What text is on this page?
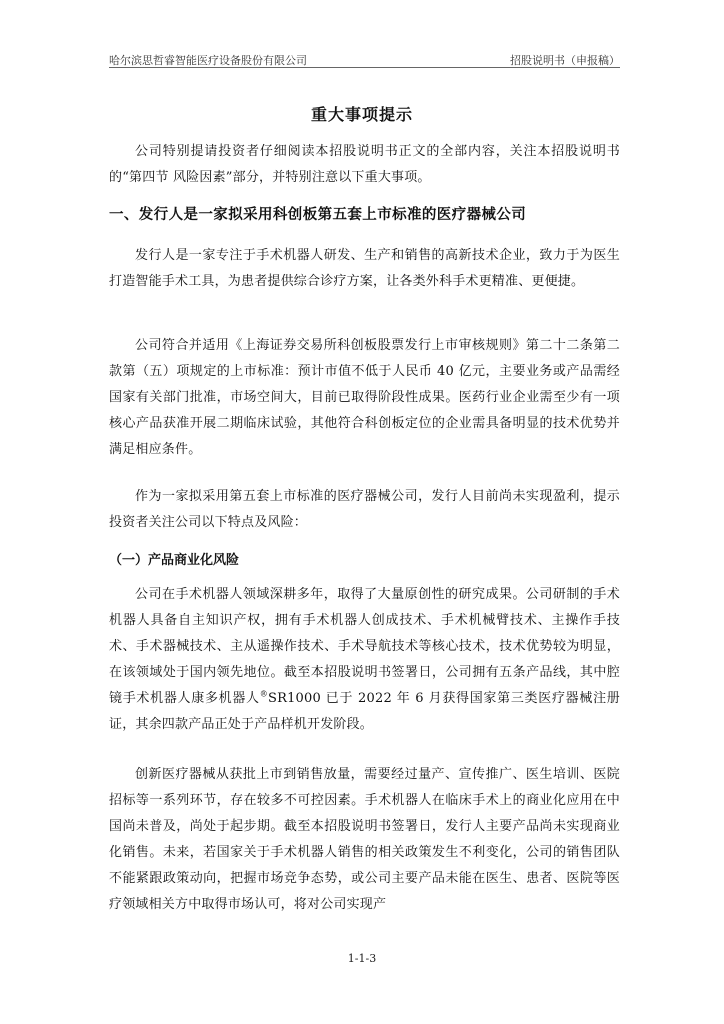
哈尔滨思哲睿智能医疗设备股份有限公司	招股说明书（申报稿）
重大事项提示
公司特别提请投资者仔细阅读本招股说明书正文的全部内容，关注本招股说明书的“第四节 风险因素”部分，并特别注意以下重大事项。
一、发行人是一家拟采用科创板第五套上市标准的医疗器械公司
发行人是一家专注于手术机器人研发、生产和销售的高新技术企业，致力于为医生打造智能手术工具，为患者提供综合诊疗方案，让各类外科手术更精准、更便捷。
公司符合并适用《上海证券交易所科创板股票发行上市审核规则》第二十二条第二款第（五）项规定的上市标准：预计市值不低于人民币 40 亿元，主要业务或产品需经国家有关部门批准，市场空间大，目前已取得阶段性成果。医药行业企业需至少有一项核心产品获准开展二期临床试验，其他符合科创板定位的企业需具备明显的技术优势并满足相应条件。
作为一家拟采用第五套上市标准的医疗器械公司，发行人目前尚未实现盈利，提示投资者关注公司以下特点及风险：
（一）产品商业化风险
公司在手术机器人领域深耕多年，取得了大量原创性的研究成果。公司研制的手术机器人具备自主知识产权，拥有手术机器人创成技术、手术机械臂技术、主操作手技术、手术器械技术、主从遥操作技术、手术导航技术等核心技术，技术优势较为明显，在该领域处于国内领先地位。截至本招股说明书签署日，公司拥有五条产品线，其中腔镜手术机器人康多机器人®SR1000 已于 2022 年 6 月获得国家第三类医疗器械注册证，其余四款产品正处于产品样机开发阶段。
创新医疗器械从获批上市到销售放量，需要经过量产、宣传推广、医生培训、医院招标等一系列环节，存在较多不可控因素。手术机器人在临床手术上的商业化应用在中国尚未普及，尚处于起步期。截至本招股说明书签署日，发行人主要产品尚未实现商业化销售。未来，若国家关于手术机器人销售的相关政策发生不利变化，公司的销售团队不能紧跟政策动向，把握市场竞争态势，或公司主要产品未能在医生、患者、医院等医疗领域相关方中取得市场认可，将对公司实现产
1-1-3
